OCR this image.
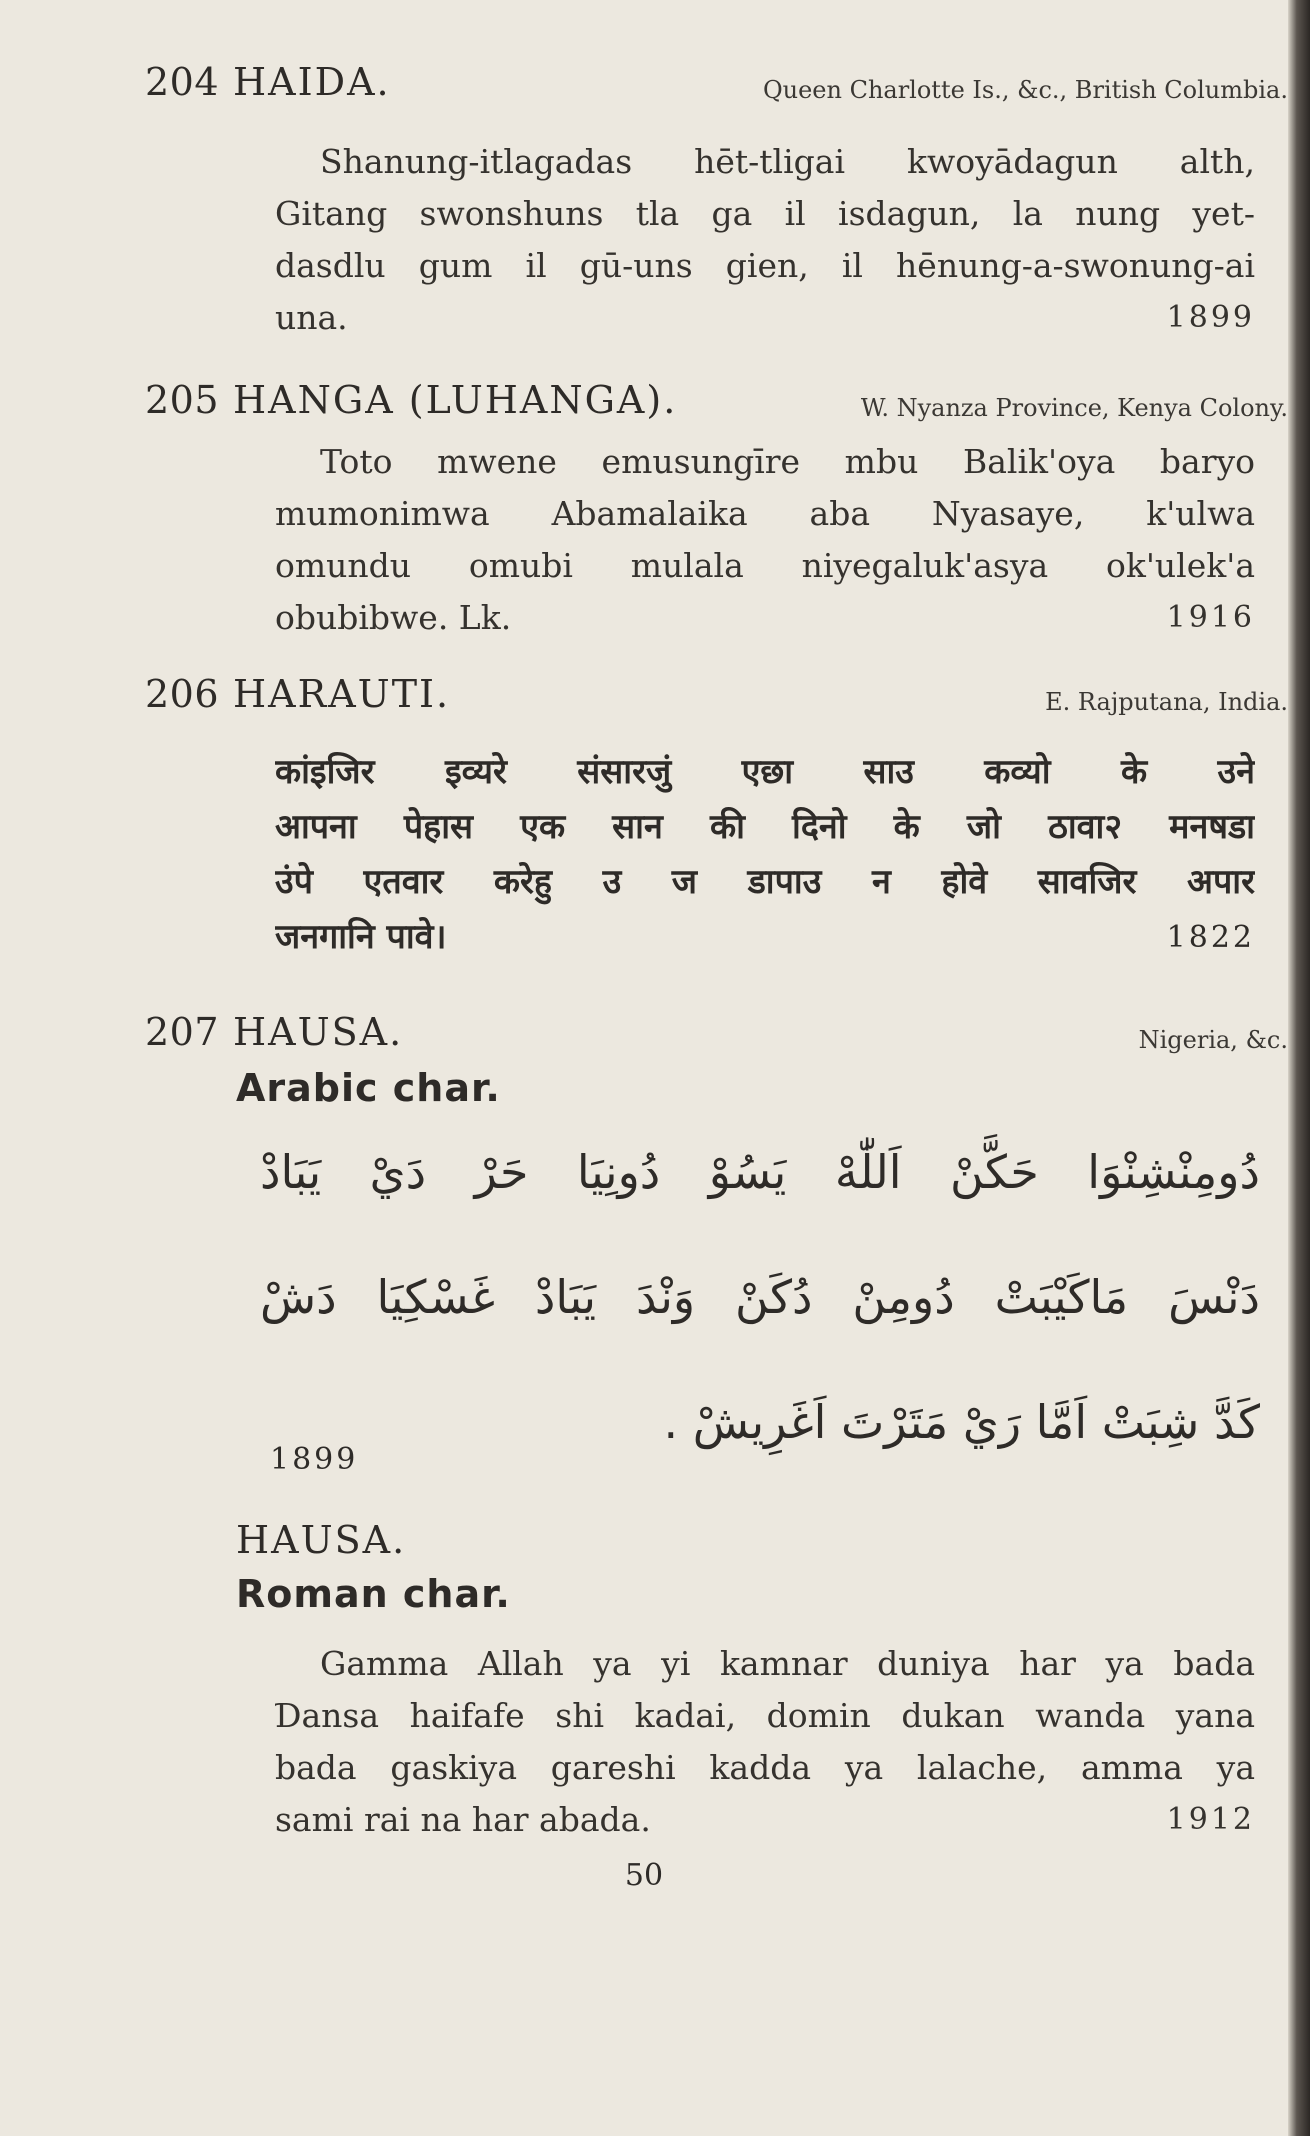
204 HAIDA.	Queen Charlotte Is., &c., British Columbia.
Shanung-itlagadas hēt-tligai kwoyādagun alth,
Gitang swonshuns tla ga il isdagun, la nung yet-
dasdlu gum il gū-uns gien, il hēnung-a-swonung-ai
una.	1899
205 HANGA (LUHANGA).	W. Nyanza Province, Kenya Colony.
Toto mwene emusungīre mbu Balik'oya baryo
mumonimwa Abamalaika aba Nyasaye, k'ulwa
omundu omubi mulala niyegaluk'asya ok'ulek'a
obubibwe. Lk.	1916
206 HARAUTI.	E. Rajputana, India.
कांइजिर इव्यरे संसारजुं एछा साउ कव्यो के उने
आपना पेहास एक सान की दिनो के जो ठावा२ मनषडा
उंपे एतवार करेहु उ ज डापाउ न होवे सावजिर अपार
जनगानि पावे।	1822
207 HAUSA.	Nigeria, &c.
Arabic char.
دُومِنْشِنْوَا حَكَّنْ اَللّٰهْ يَسُوْ دُونِيَا حَرْ دَيْ يَبَادْ
دَنْسَ مَاكَيْبَتْ دُومِنْ دُكَنْ وَنْدَ يَبَادْ غَسْكِيَا دَشْ
كَدَّ شِبَتْ اَمَّا رَيْ مَتَرْتَ اَغَرِيشْ .
1899
HAUSA.
Roman char.
Gamma Allah ya yi kamnar duniya har ya bada
Ɗansa haifafe shi kadai, domin dukan wanda yana
bada gaskiya gareshi kadda ya lalache, amma ya
sami rai na har abada.	1912
50
